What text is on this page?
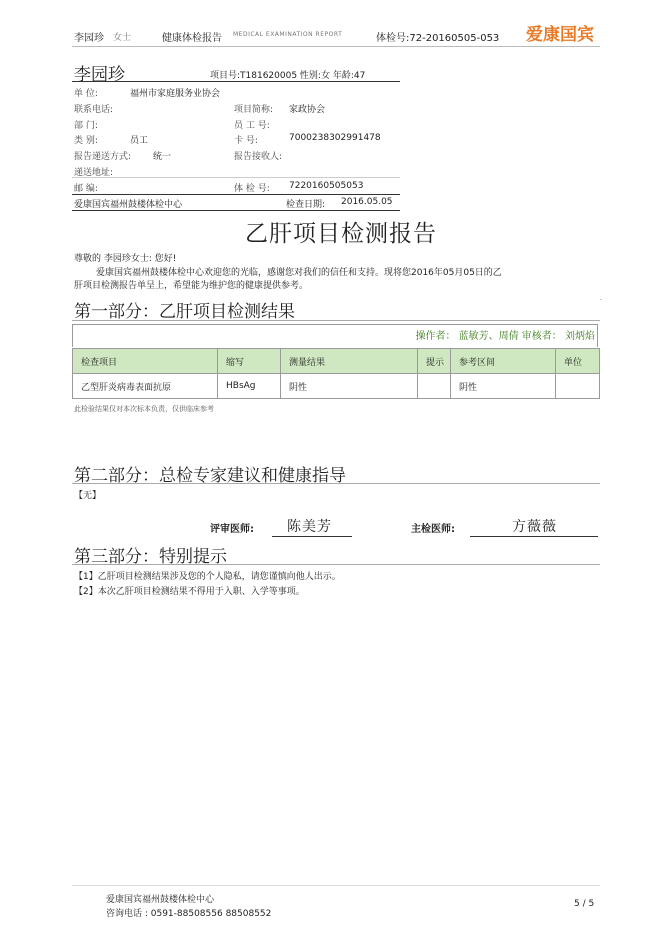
李园珍 女士	健康体检报告 MEDICAL EXAMINATION REPORT	体检号:72-20160505-053 爱康国宾
李园珍	项目号:T181620005 性别:女 年龄:47
单 位:	福州市家庭服务业协会
联系电话:	项目简称: 家政协会
部 门:	员 工 号:
类 别:	员工	卡 号:	7000238302991478
报告递送方式: 统一	报告接收人:
递送地址:
邮 编:	体 检 号: 7220160505053
爱康国宾福州鼓楼体检中心	检查日期: 2016.05.05
乙肝项目检测报告
尊敬的 李园珍女士: 您好!
爱康国宾福州鼓楼体检中心欢迎您的光临，感谢您对我们的信任和支持。现将您2016年05月05日的乙
肝项目检测报告单呈上，希望能为维护您的健康提供参考。
第一部分：乙肝项目检测结果
.
操作者： 蓝敏芳、周倩 审核者： 刘炳焰
检查项目	缩写	测量结果	提示	参考区间	单位
乙型肝炎病毒表面抗原	HBsAg	阴性		阴性	
此检验结果仅对本次标本负责，仅供临床参考
第二部分：总检专家建议和健康指导
【无】
评审医师: 陈美芳	主检医师:	方薇薇
第三部分：特别提示
【1】乙肝项目检测结果涉及您的个人隐私，请您谨慎向他人出示。
【2】本次乙肝项目检测结果不得用于入职、入学等事项。
爱康国宾福州鼓楼体检中心
咨询电话 : 0591-88508556 88508552
5 / 5
